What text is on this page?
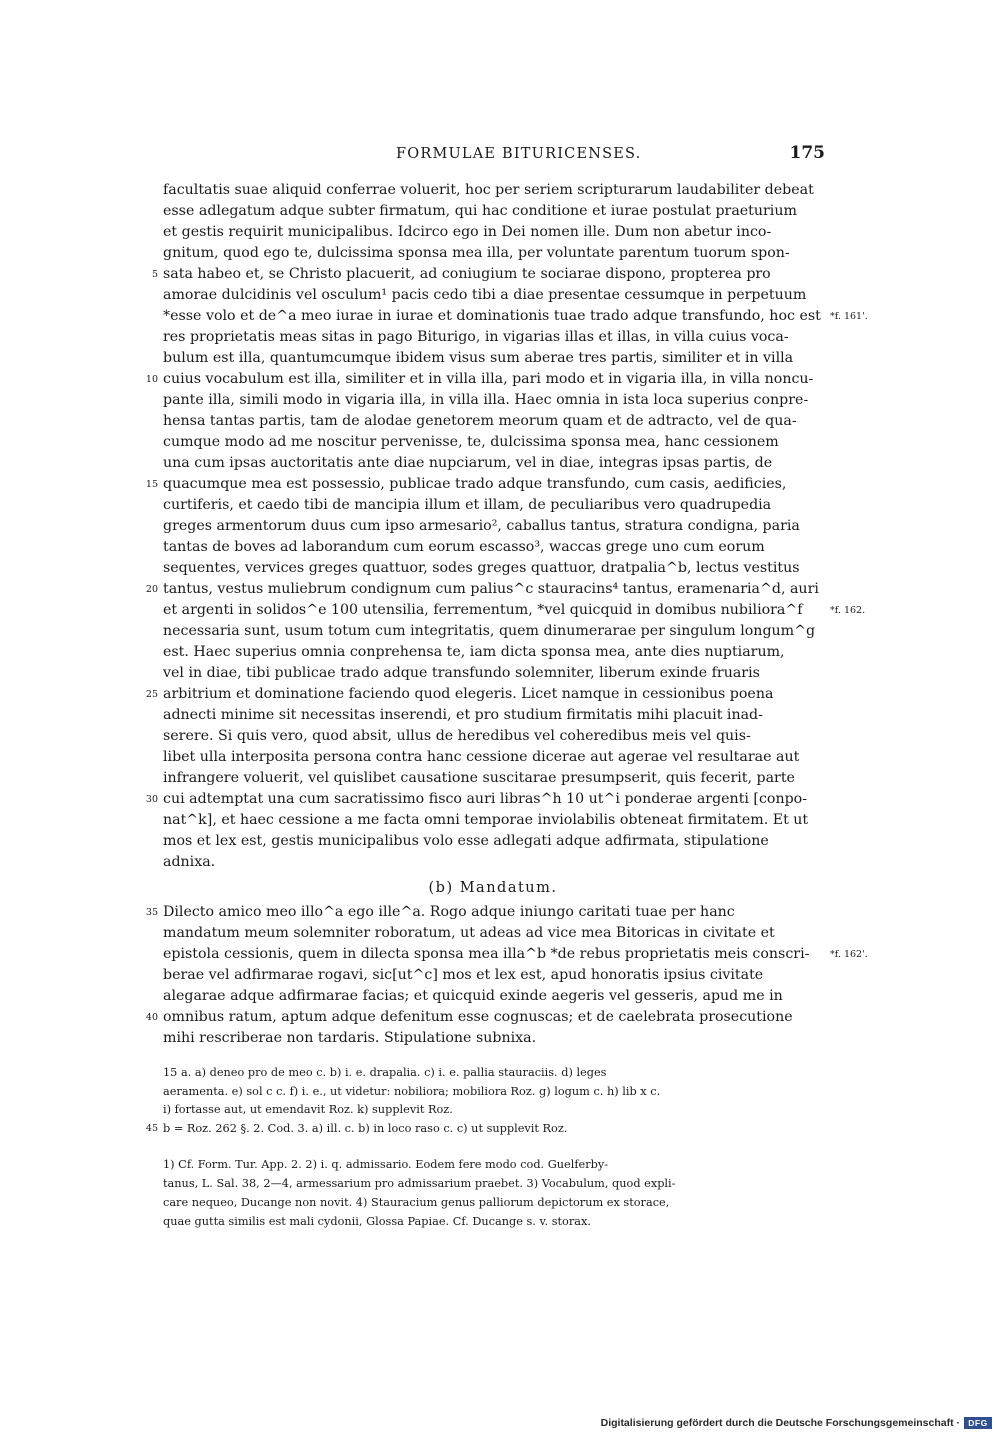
FORMULAE BITURICENSES.	175
facultatis suae aliquid conferrae voluerit, hoc per seriem scripturarum laudabiliter debeat
esse adlegatum adque subter firmatum, qui hac conditione et iurae postulat praeturium
et gestis requirit municipalibus. Idcirco ego in Dei nomen ille. Dum non abetur inco-
gnitum, quod ego te, dulcissima sponsa mea illa, per voluntate parentum tuorum spon-
5 sata habeo et, se Christo placuerit, ad coniugium te sociarae dispono, propterea pro
amorae dulcidinis vel osculum¹ pacis cedo tibi a diae presentae cessumque in perpetuum
*esse volo et de^a meo iurae in iurae et dominationis tuae trado adque transfundo, hoc est *f. 161'.
res proprietatis meas sitas in pago Biturigo, in vigarias illas et illas, in villa cuius voca-
bulum est illa, quantumcumque ibidem visus sum aberae tres partis, similiter et in villa
10 cuius vocabulum est illa, similiter et in villa illa, pari modo et in vigaria illa, in villa noncu-
pante illa, simili modo in vigaria illa, in villa illa. Haec omnia in ista loca superius conpre-
hensa tantas partis, tam de alodae genetorem meorum quam et de adtracto, vel de qua-
cumque modo ad me noscitur pervenisse, te, dulcissima sponsa mea, hanc cessionem
una cum ipsas auctoritatis ante diae nupciarum, vel in diae, integras ipsas partis, de
15 quacumque mea est possessio, publicae trado adque transfundo, cum casis, aedificies,
curtiferis, et caedo tibi de mancipia illum et illam, de peculiaribus vero quadrupedia
greges armentorum duus cum ipso armesario², caballus tantus, stratura condigna, paria
tantas de boves ad laborandum cum eorum escasso³, waccas grege uno cum eorum
sequentes, vervices greges quattuor, sodes greges quattuor, dratpalia^b, lectus vestitus
20 tantus, vestus muliebrum condignum cum palius^c stauracins⁴ tantus, eramenaria^d, auri
et argenti in solidos^e 100 utensilia, ferrementum, *vel quicquid in domibus nubiliora^f	*f. 162.
necessaria sunt, usum totum cum integritatis, quem dinumerarae per singulum longum^g
est. Haec superius omnia conprehensa te, iam dicta sponsa mea, ante dies nuptiarum,
vel in diae, tibi publicae trado adque transfundo solemniter, liberum exinde fruaris
25 arbitrium et dominatione faciendo quod elegeris. Licet namque in cessionibus poena
adnecti minime sit necessitas inserendi, et pro studium firmitatis mihi placuit inad-
serere. Si quis vero, quod absit, ullus de heredibus vel coheredibus meis vel quis-
libet ulla interposita persona contra hanc cessione dicerae aut agerae vel resultarae aut
infrangere voluerit, vel quislibet causatione suscitarae presumpserit, quis fecerit, parte
30 cui adtemptat una cum sacratissimo fisco auri libras^h 10 ut^i ponderae argenti [conpo-
nat^k], et haec cessione a me facta omni temporae inviolabilis obteneat firmitatem. Et ut
mos et lex est, gestis municipalibus volo esse adlegati adque adfirmata, stipulatione
adnixa.
(b) Mandatum.
35 Dilecto amico meo illo^a ego ille^a. Rogo adque iniungo caritati tuae per hanc
mandatum meum solemniter roboratum, ut adeas ad vice mea Bitoricas in civitate et
epistola cessionis, quem in dilecta sponsa mea illa^b *de rebus proprietatis meis conscri-	*f. 162'.
berae vel adfirmarae rogavi, sic[ut^c] mos et lex est, apud honoratis ipsius civitate
alegarae adque adfirmarae facias; et quicquid exinde aegeris vel gesseris, apud me in
40 omnibus ratum, aptum adque defenitum esse cognuscas; et de caelebrata prosecutione
mihi rescriberae non tardaris. Stipulatione subnixa.
15 a. a) deneo pro de meo c. b) i. e. drapalia. c) i. e. pallia stauraciis. d) leges
aeramenta. e) sol c c. f) i. e., ut videtur: nobiliora; mobiliora Roz. g) logum c. h) lib x c.
i) fortasse aut, ut emendavit Roz. k) supplevit Roz.
45 b = Roz. 262 §. 2. Cod. 3. a) ill. c. b) in loco raso c. c) ut supplevit Roz.
1) Cf. Form. Tur. App. 2. 2) i. q. admissario. Eodem fere modo cod. Guelferby-
tanus, L. Sal. 38, 2—4, armessarium pro admissarium praebet. 3) Vocabulum, quod expli-
care nequeo, Ducange non novit. 4) Stauracium genus palliorum depictorum ex storace,
quae gutta similis est mali cydonii, Glossa Papiae. Cf. Ducange s. v. storax.
Digitalisierung gefördert durch die Deutsche Forschungsgemeinschaft · DFG
